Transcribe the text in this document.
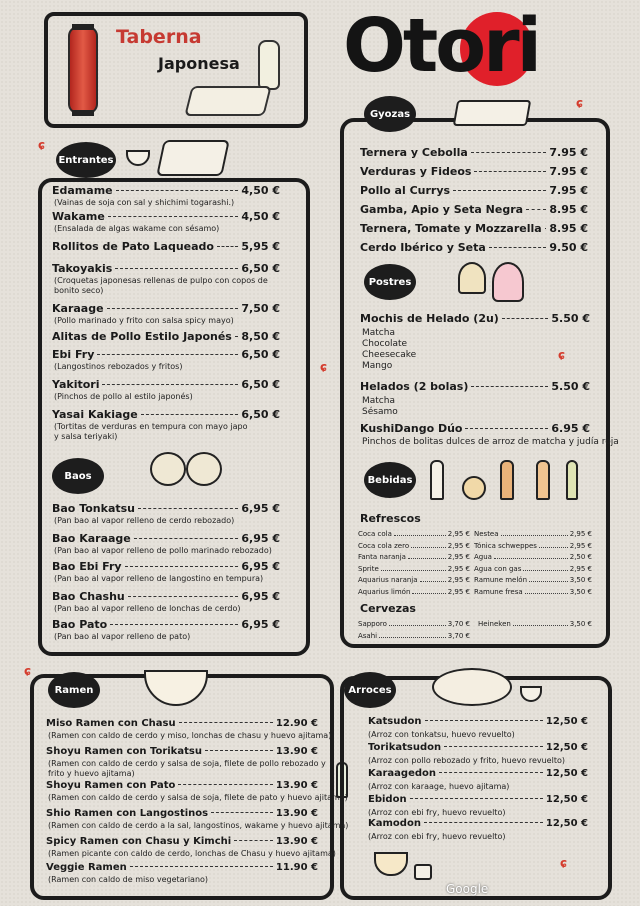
Taberna
Japonesa Otori
Entrantes
ɕ
Baos
Gyozas
ɕ
Postres
ɕ
ɕ
Bebidas
Ramen
ɕ
Arroces
ɕ
Google
Edamame	4,50 €
(Vainas de soja con sal y shichimi togarashi.)
Wakame	4,50 €
(Ensalada de algas wakame con sésamo)
Rollitos de Pato Laqueado 5,95 €
Takoyakis	6,50 €
(Croquetas japonesas rellenas de pulpo con copos de
bonito seco)
Karaage	7,50 €
(Pollo marinado y frito con salsa spicy mayo)
Alitas de Pollo Estilo Japonés 8,50 €
Ebi Fry	6,50 €
(Langostinos rebozados y fritos)
Yakitori	6,50 €
(Pinchos de pollo al estilo japonés)
Yasai Kakiage	6,50 €
(Tortitas de verduras en tempura con mayo japo
y salsa teriyaki)
Bao Tonkatsu	6,95 €
(Pan bao al vapor relleno de cerdo rebozado)
Bao Karaage	6,95 €
(Pan bao al vapor relleno de pollo marinado rebozado)
Bao Ebi Fry	6,95 €
(Pan bao al vapor relleno de langostino en tempura)
Bao Chashu	6,95 €
(Pan bao al vapor relleno de lonchas de cerdo)
Bao Pato	6,95 €
(Pan bao al vapor relleno de pato)
Ternera y Cebolla	7.95 €
Verduras y Fideos	7.95 €
Pollo al Currys	7.95 €
Gamba, Apio y Seta Negra 8.95 €
Ternera, Tomate y Mozzarella 8.95 €
Cerdo Ibérico y Seta	9.50 €
Mochis de Helado (2u)	5.50 €
Matcha
Chocolate
Cheesecake
Mango
Helados (2 bolas)	5.50 €
Matcha
Sésamo
KushiDango Dúo	6.95 €
Pinchos de bolitas dulces de arroz de matcha y judía roja
Refrescos
Coca cola	2,95 €
Coca cola zero	2,95 €
Fanta naranja	2,95 €
Sprite	2,95 €
Aquarius naranja	2,95 €
Aquarius limón	2,95 €
Nestea	2,95 €
Tónica schweppes	2,95 €
Agua	2,50 €
Agua con gas	2,95 €
Ramune melón	3,50 €
Ramune fresa	3,50 €
Cervezas
Sapporo	3,70 €
Asahi	3,70 €
Heineken	3,50 €
Miso Ramen con Chasu	12.90 €
(Ramen con caldo de cerdo y miso, lonchas de chasu y huevo ajitama)
Shoyu Ramen con Torikatsu	13.90 €
(Ramen con caldo de cerdo y salsa de soja, filete de pollo rebozado y
frito y huevo ajitama)
Shoyu Ramen con Pato	13.90 €
(Ramen con caldo de cerdo y salsa de soja, filete de pato y huevo ajitama)
Shio Ramen con Langostinos	13.90 €
(Ramen con caldo de cerdo a la sal, langostinos, wakame y huevo ajitama)
Spicy Ramen con Chasu y Kimchi	13.90 €
(Ramen picante con caldo de cerdo, lonchas de Chasu y huevo ajitama)
Veggie Ramen	11.90 €
(Ramen con caldo de miso vegetariano)
Katsudon	12,50 €
(Arroz con tonkatsu, huevo revuelto)
Torikatsudon	12,50 €
(Arroz con pollo rebozado y frito, huevo revuelto)
Karaagedon	12,50 €
(Arroz con karaage, huevo ajitama)
Ebidon	12,50 €
(Arroz con ebi fry, huevo revuelto)
Kamodon	12,50 €
(Arroz con ebi fry, huevo revuelto)
